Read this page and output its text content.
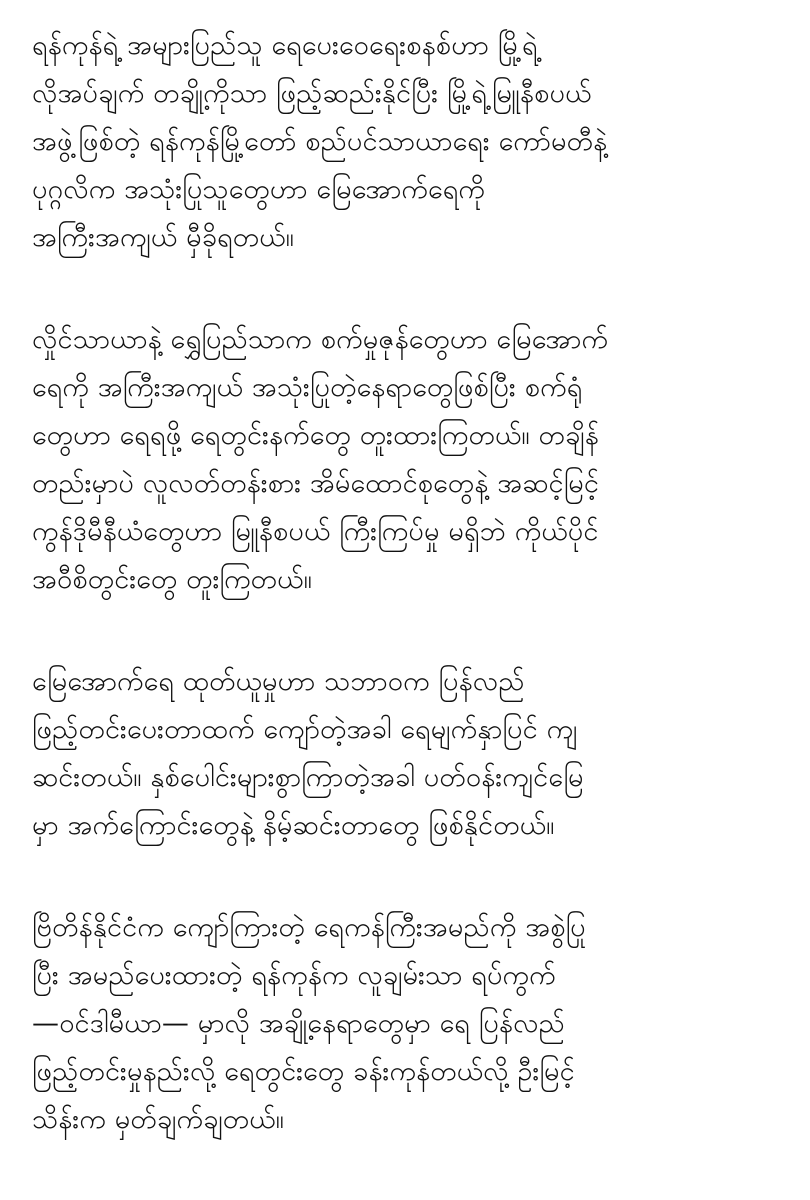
ရန်ကုန်ရဲ့ အများပြည်သူ ရေပေးဝေရေးစနစ်ဟာ မြို့ရဲ့
လိုအပ်ချက် တချို့ကိုသာ ဖြည့်ဆည်းနိုင်ပြီး မြို့ရဲ့မြူနီစပယ်
အဖွဲ့ဖြစ်တဲ့ ရန်ကုန်မြို့တော် စည်ပင်သာယာရေး ကော်မတီနဲ့
ပုဂ္ဂလိက အသုံးပြုသူတွေဟာ မြေအောက်ရေကို
အကြီးအကျယ် မှီခိုရတယ်။
လှိုင်သာယာနဲ့ ရွှေပြည်သာက စက်မှုဇုန်တွေဟာ မြေအောက်
ရေကို အကြီးအကျယ် အသုံးပြုတဲ့နေရာတွေဖြစ်ပြီး စက်ရုံ
တွေဟာ ရေရဖို့ ရေတွင်းနက်တွေ တူးထားကြတယ်။ တချိန်
တည်းမှာပဲ လူလတ်တန်းစား အိမ်ထောင်စုတွေနဲ့ အဆင့်မြင့်
ကွန်ဒိုမီနီယံတွေဟာ မြူနီစပယ် ကြီးကြပ်မှု မရှိဘဲ ကိုယ်ပိုင်
အဝီစိတွင်းတွေ တူးကြတယ်။
မြေအောက်ရေ ထုတ်ယူမှုဟာ သဘာဝက ပြန်လည်
ဖြည့်တင်းပေးတာထက် ကျော်တဲ့အခါ ရေမျက်နှာပြင် ကျ
ဆင်းတယ်။ နှစ်ပေါင်းများစွာကြာတဲ့အခါ ပတ်ဝန်းကျင်မြေ
မှာ အက်ကြောင်းတွေနဲ့ နိမ့်ဆင်းတာတွေ ဖြစ်နိုင်တယ်။
ဗြိတိန်နိုင်ငံက ကျော်ကြားတဲ့ ရေကန်ကြီးအမည်ကို အစွဲပြု
ပြီး အမည်ပေးထားတဲ့ ရန်ကုန်က လူချမ်းသာ ရပ်ကွက်
—ဝင်ဒါမီယာ— မှာလို အချို့နေရာတွေမှာ ရေ ပြန်လည်
ဖြည့်တင်းမှုနည်းလို့ ရေတွင်းတွေ ခန်းကုန်တယ်လို့ ဦးမြင့်
သိန်းက မှတ်ချက်ချတယ်။
